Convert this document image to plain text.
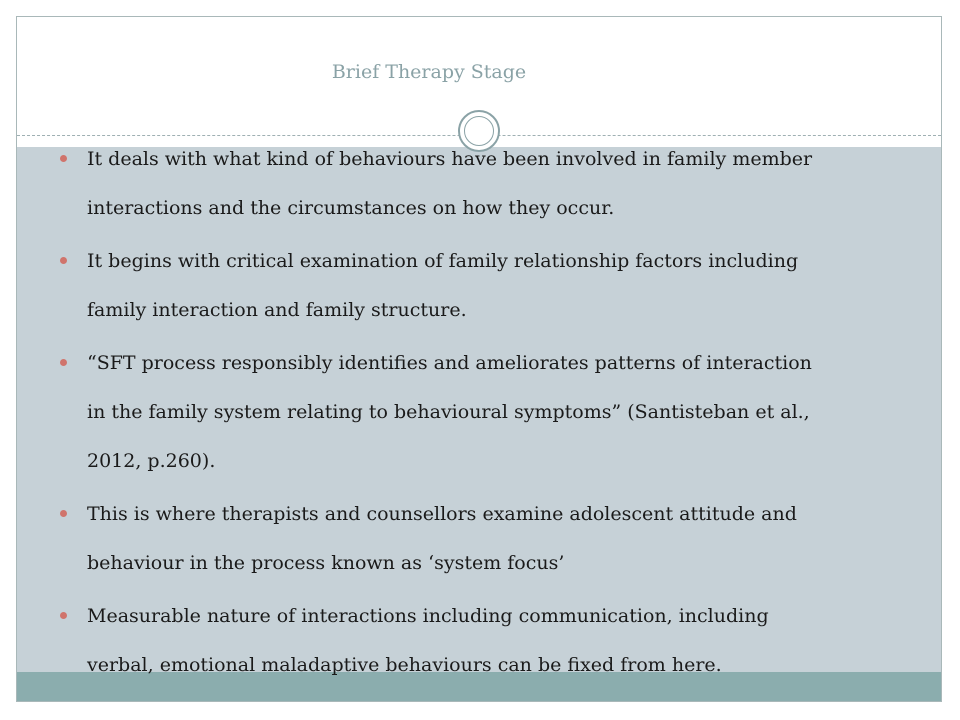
Brief Therapy Stage
It deals with what kind of behaviours have been involved in family member interactions and the circumstances on how they occur.
It begins with critical examination of family relationship factors including family interaction and family structure.
“SFT process responsibly identifies and ameliorates patterns of interaction in the family system relating to behavioural symptoms” (Santisteban et al., 2012, p.260).
This is where therapists and counsellors examine adolescent attitude and behaviour in the process known as ‘system focus’
Measurable nature of interactions including communication, including verbal, emotional maladaptive behaviours can be fixed from here.
